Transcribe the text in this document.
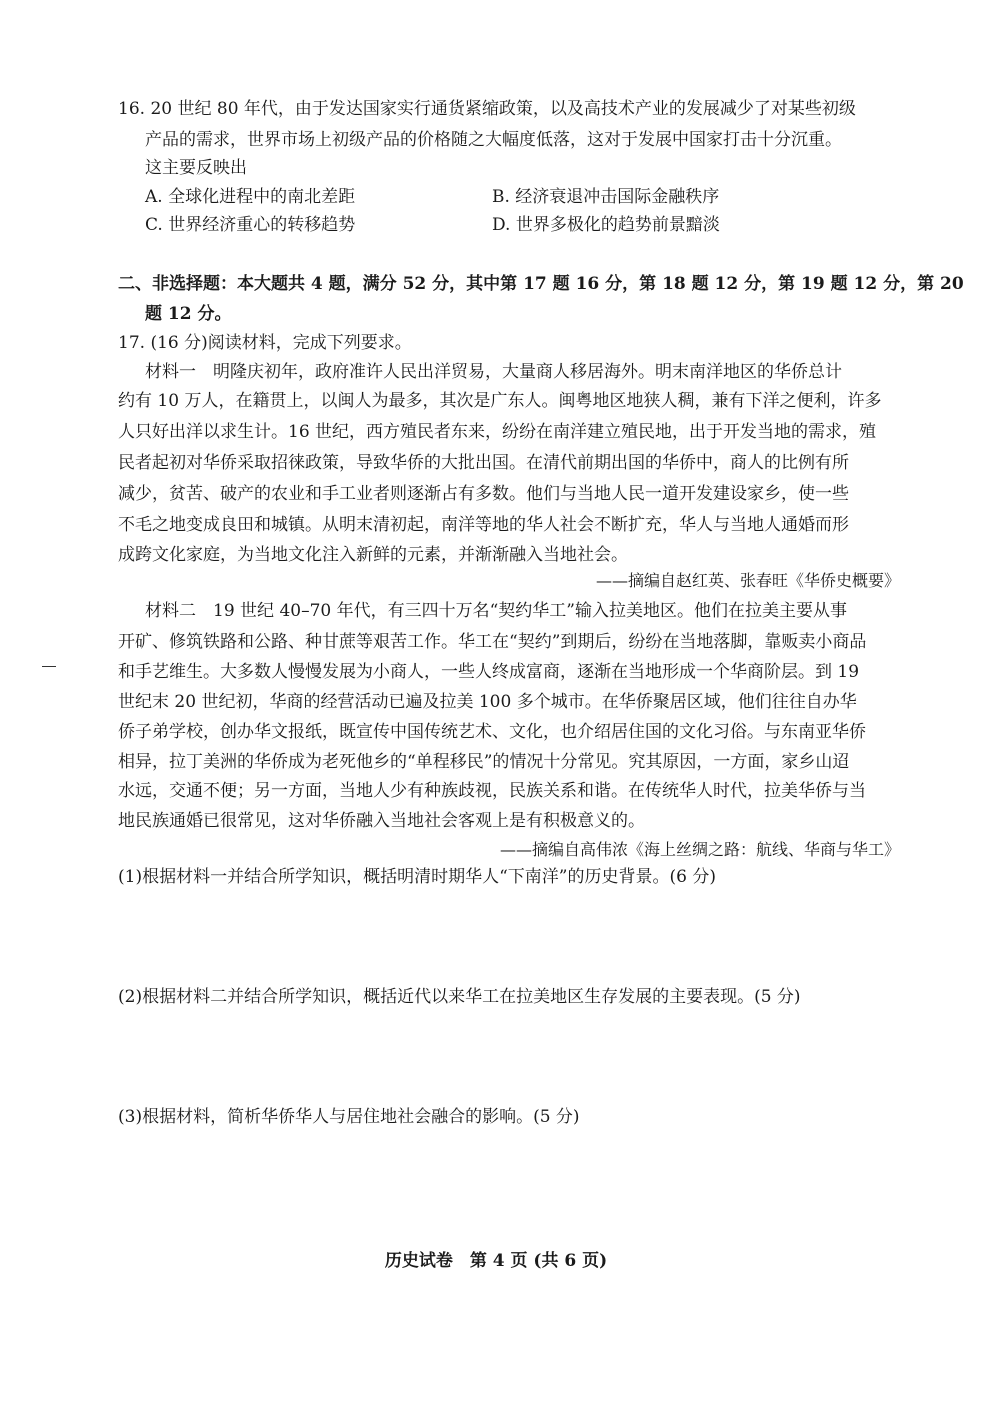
16. 20 世纪 80 年代，由于发达国家实行通货紧缩政策，以及高技术产业的发展减少了对某些初级
产品的需求，世界市场上初级产品的价格随之大幅度低落，这对于发展中国家打击十分沉重。
这主要反映出
A. 全球化进程中的南北差距	B. 经济衰退冲击国际金融秩序
C. 世界经济重心的转移趋势	D. 世界多极化的趋势前景黯淡
二、非选择题：本大题共 4 题，满分 52 分，其中第 17 题 16 分，第 18 题 12 分，第 19 题 12 分，第 20
题 12 分。
17. (16 分)阅读材料，完成下列要求。
材料一　明隆庆初年，政府准许人民出洋贸易，大量商人移居海外。明末南洋地区的华侨总计
约有 10 万人，在籍贯上，以闽人为最多，其次是广东人。闽粤地区地狭人稠，兼有下洋之便利，许多
人只好出洋以求生计。16 世纪，西方殖民者东来，纷纷在南洋建立殖民地，出于开发当地的需求，殖
民者起初对华侨采取招徕政策，导致华侨的大批出国。在清代前期出国的华侨中，商人的比例有所
减少，贫苦、破产的农业和手工业者则逐渐占有多数。他们与当地人民一道开发建设家乡，使一些
不毛之地变成良田和城镇。从明末清初起，南洋等地的华人社会不断扩充，华人与当地人通婚而形
成跨文化家庭，为当地文化注入新鲜的元素，并渐渐融入当地社会。
——摘编自赵红英、张春旺《华侨史概要》
材料二　19 世纪 40–70 年代，有三四十万名“契约华工”输入拉美地区。他们在拉美主要从事
开矿、修筑铁路和公路、种甘蔗等艰苦工作。华工在“契约”到期后，纷纷在当地落脚，靠贩卖小商品
和手艺维生。大多数人慢慢发展为小商人，一些人终成富商，逐渐在当地形成一个华商阶层。到 19
世纪末 20 世纪初，华商的经营活动已遍及拉美 100 多个城市。在华侨聚居区域，他们往往自办华
侨子弟学校，创办华文报纸，既宣传中国传统艺术、文化，也介绍居住国的文化习俗。与东南亚华侨
相异，拉丁美洲的华侨成为老死他乡的“单程移民”的情况十分常见。究其原因，一方面，家乡山迢
水远，交通不便；另一方面，当地人少有种族歧视，民族关系和谐。在传统华人时代，拉美华侨与当
地民族通婚已很常见，这对华侨融入当地社会客观上是有积极意义的。
——摘编自高伟浓《海上丝绸之路：航线、华商与华工》
(1)根据材料一并结合所学知识，概括明清时期华人“下南洋”的历史背景。(6 分)
(2)根据材料二并结合所学知识，概括近代以来华工在拉美地区生存发展的主要表现。(5 分)
(3)根据材料，简析华侨华人与居住地社会融合的影响。(5 分)
历史试卷　第 4 页 (共 6 页)
